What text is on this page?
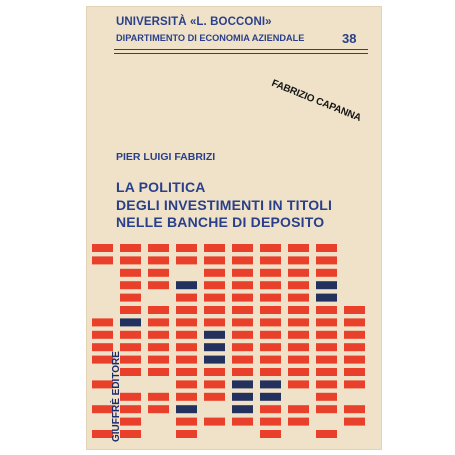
UNIVERSITÀ «L. BOCCONI»
DIPARTIMENTO DI ECONOMIA AZIENDALE	38
FABRIZIO CAPANNA
PIER LUIGI FABRIZI
LA POLITICA
DEGLI INVESTIMENTI IN TITOLI
NELLE BANCHE DI DEPOSITO
GIUFFRÈ EDITORE
